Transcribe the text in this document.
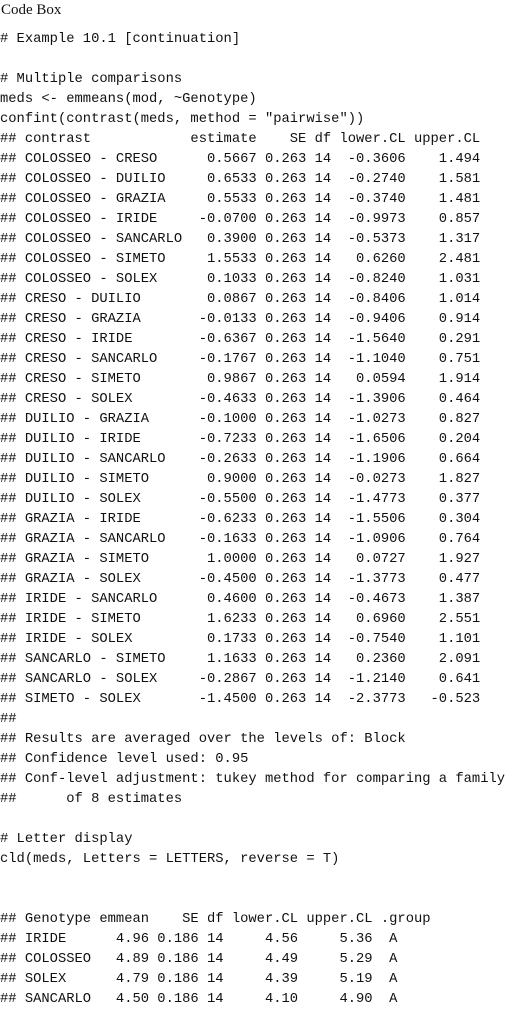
Code Box
# Example 10.1 [continuation]
# Multiple comparisons
meds <- emmeans(mod, ~Genotype)
confint(contrast(meds, method = "pairwise"))
## contrast            estimate    SE df lower.CL upper.CL
## COLOSSEO - CRESO      0.5667 0.263 14  -0.3606    1.494
## COLOSSEO - DUILIO     0.6533 0.263 14  -0.2740    1.581
## COLOSSEO - GRAZIA     0.5533 0.263 14  -0.3740    1.481
## COLOSSEO - IRIDE     -0.0700 0.263 14  -0.9973    0.857
## COLOSSEO - SANCARLO   0.3900 0.263 14  -0.5373    1.317
## COLOSSEO - SIMETO     1.5533 0.263 14   0.6260    2.481
## COLOSSEO - SOLEX      0.1033 0.263 14  -0.8240    1.031
## CRESO - DUILIO        0.0867 0.263 14  -0.8406    1.014
## CRESO - GRAZIA       -0.0133 0.263 14  -0.9406    0.914
## CRESO - IRIDE        -0.6367 0.263 14  -1.5640    0.291
## CRESO - SANCARLO     -0.1767 0.263 14  -1.1040    0.751
## CRESO - SIMETO        0.9867 0.263 14   0.0594    1.914
## CRESO - SOLEX        -0.4633 0.263 14  -1.3906    0.464
## DUILIO - GRAZIA      -0.1000 0.263 14  -1.0273    0.827
## DUILIO - IRIDE       -0.7233 0.263 14  -1.6506    0.204
## DUILIO - SANCARLO    -0.2633 0.263 14  -1.1906    0.664
## DUILIO - SIMETO       0.9000 0.263 14  -0.0273    1.827
## DUILIO - SOLEX       -0.5500 0.263 14  -1.4773    0.377
## GRAZIA - IRIDE       -0.6233 0.263 14  -1.5506    0.304
## GRAZIA - SANCARLO    -0.1633 0.263 14  -1.0906    0.764
## GRAZIA - SIMETO       1.0000 0.263 14   0.0727    1.927
## GRAZIA - SOLEX       -0.4500 0.263 14  -1.3773    0.477
## IRIDE - SANCARLO      0.4600 0.263 14  -0.4673    1.387
## IRIDE - SIMETO        1.6233 0.263 14   0.6960    2.551
## IRIDE - SOLEX         0.1733 0.263 14  -0.7540    1.101
## SANCARLO - SIMETO     1.1633 0.263 14   0.2360    2.091
## SANCARLO - SOLEX     -0.2867 0.263 14  -1.2140    0.641
## SIMETO - SOLEX       -1.4500 0.263 14  -2.3773   -0.523
##
## Results are averaged over the levels of: Block
## Confidence level used: 0.95
## Conf-level adjustment: tukey method for comparing a family
##      of 8 estimates
# Letter display
cld(meds, Letters = LETTERS, reverse = T)
## Genotype emmean    SE df lower.CL upper.CL .group
## IRIDE      4.96 0.186 14     4.56     5.36  A
## COLOSSEO   4.89 0.186 14     4.49     5.29  A
## SOLEX      4.79 0.186 14     4.39     5.19  A
## SANCARLO   4.50 0.186 14     4.10     4.90  A
